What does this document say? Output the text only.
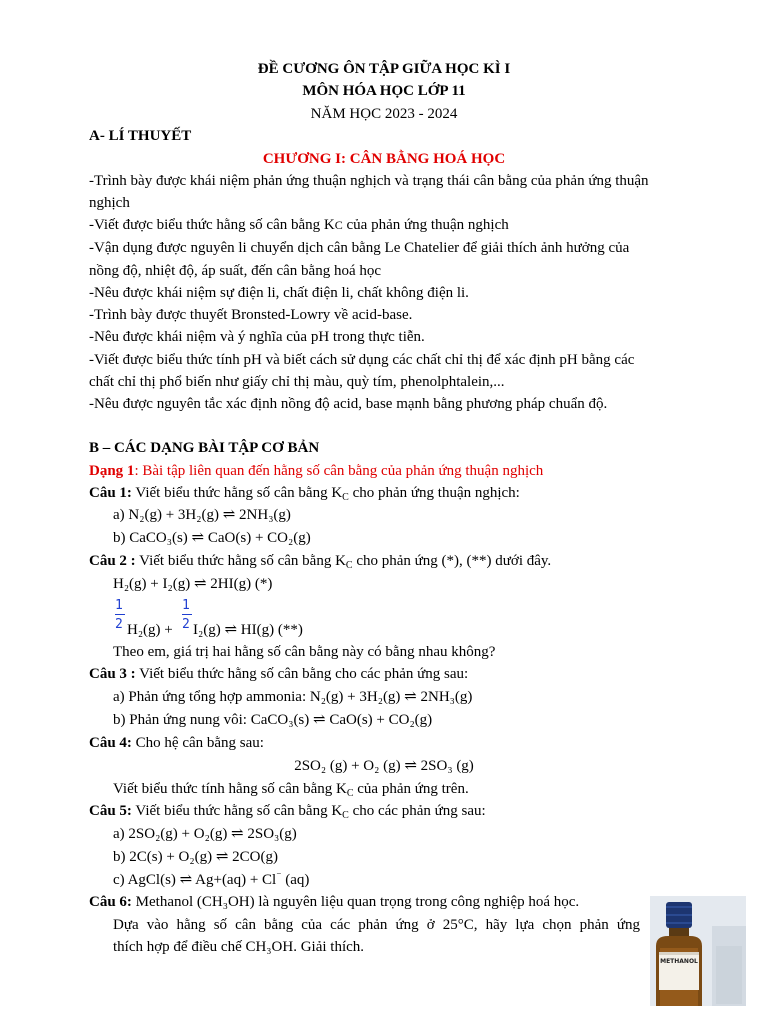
ĐỀ CƯƠNG ÔN TẬP GIỮA HỌC KÌ I
MÔN HÓA HỌC LỚP 11
NĂM HỌC 2023 - 2024
A- LÍ THUYẾT
CHƯƠNG I: CÂN BẰNG HOÁ HỌC
-Trình bày được khái niệm phản ứng thuận nghịch và trạng thái cân bằng của phản ứng thuận
nghịch
-Viết được biểu thức hằng số cân bằng KC của phản ứng thuận nghịch
-Vận dụng được nguyên li chuyển dịch cân bằng Le Chatelier để giải thích ảnh hưởng của
nồng độ, nhiệt độ, áp suất, đến cân bằng hoá học
-Nêu được khái niệm sự điện li, chất điện li, chất không điện li.
-Trình bày được thuyết Bronsted-Lowry về acid-base.
-Nêu được khái niệm và ý nghĩa của pH trong thực tiễn.
-Viết được biểu thức tính pH và biết cách sử dụng các chất chỉ thị để xác định pH bằng các
chất chỉ thị phổ biến như giấy chỉ thị màu, quỳ tím, phenolphtalein,...
-Nêu được nguyên tắc xác định nồng độ acid, base mạnh bằng phương pháp chuẩn độ.
B – CÁC DẠNG BÀI TẬP CƠ BẢN
Dạng 1: Bài tập liên quan đến hằng số cân bằng của phản ứng thuận nghịch
Câu 1: Viết biểu thức hằng số cân bằng $K_C$ cho phản ứng thuận nghịch:
a) N₂(g) + 3H₂(g) ⇌ 2NH₃(g)
b) CaCO₃(s) ⇌ CaO(s) + CO₂(g)
Câu 2 : Viết biểu thức hằng số cân bằng $K_C$ cho phản ứng (*), (**) dưới đây.
H₂(g) + I₂(g) ⇌ 2HI(g) (*)
1
2
1
2
H₂(g) + I₂(g) ⇌ HI(g) (**)
Theo em, giá trị hai hằng số cân bằng này có bằng nhau không?
Câu 3 : Viết biểu thức hằng số cân bằng cho các phản ứng sau:
a) Phản ứng tổng hợp ammonia: N₂(g) + 3H₂(g) ⇌ 2NH₃(g)
b) Phản ứng nung vôi: CaCO₃(s) ⇌ CaO(s) + CO₂(g)
Câu 4: Cho hệ cân bằng sau:
2SO₂ (g) + O₂ (g) ⇌ 2SO₃ (g)
Viết biểu thức tính hằng số cân bằng $K_C$ của phản ứng trên.
Câu 5: Viết biểu thức hằng số cân bằng $K_C$ cho các phản ứng sau:
a) 2SO₂(g) + O₂(g) ⇌ 2SO₃(g)
b) 2C(s) + O₂(g) ⇌ 2CO(g)
c) AgCl(s) ⇌ Ag+(aq) + Cl⁻ (aq)
Câu 6: Methanol (CH₃OH) là nguyên liệu quan trọng trong công nghiệp hoá học.
Dựa vào hằng số cân bằng của các phản ứng ở 25°C, hãy lựa chọn phản ứng
thích hợp để điều chế CH₃OH. Giải thích.
METHANOL
